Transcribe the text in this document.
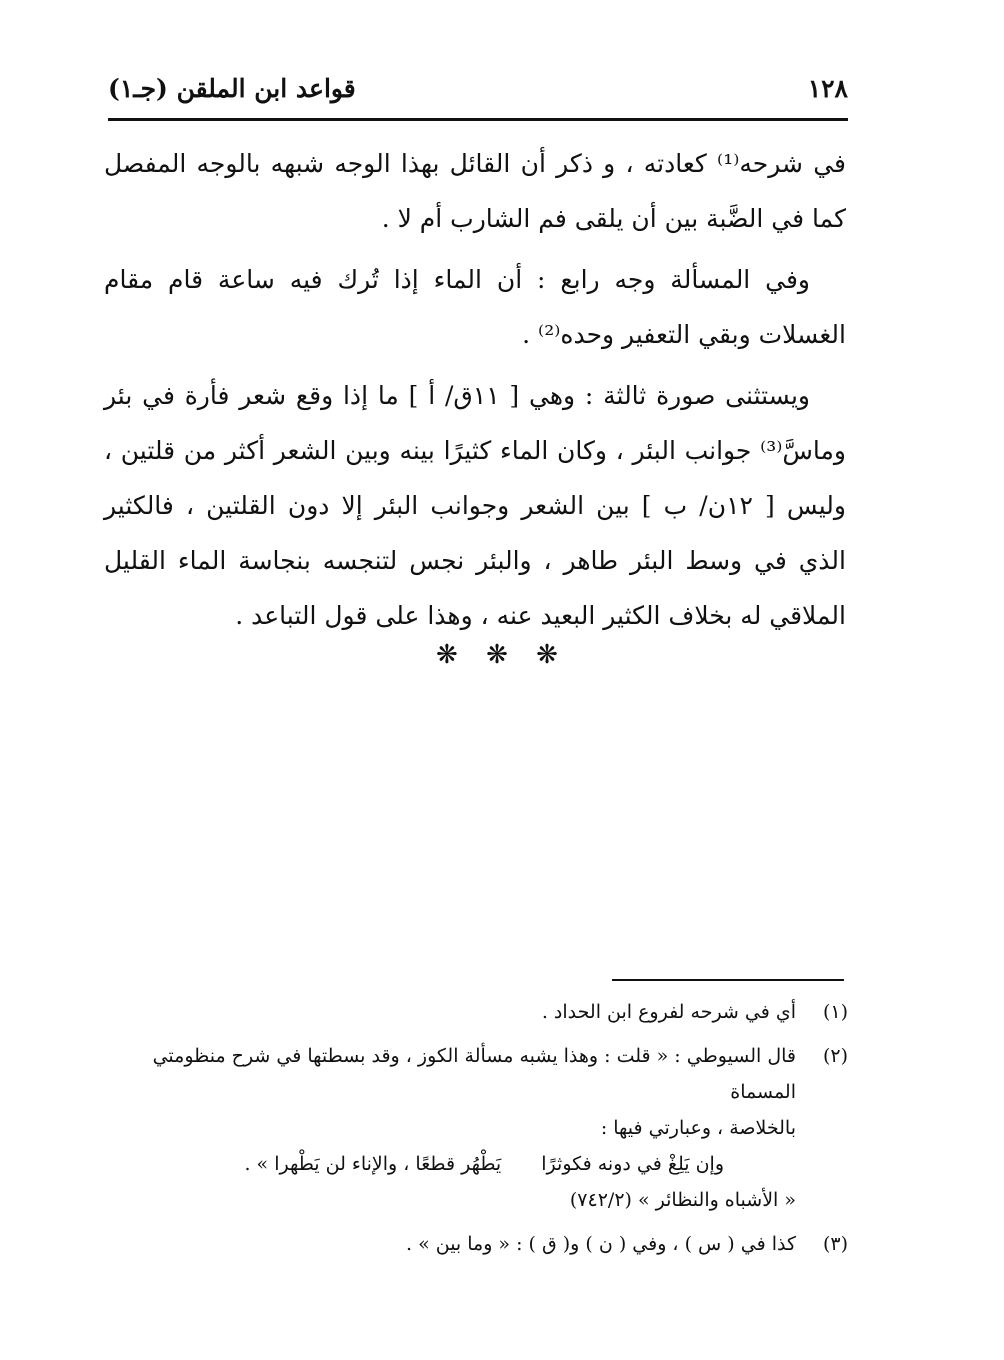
قواعد ابن الملقن (جـ١)	١٢٨

في شرحه⁽¹⁾ كعادته ، و ذكر أن القائل بهذا الوجه شبهه بالوجه المفصل كما في الضَّبة بين أن يلقى فم الشارب أم لا .

وفي المسألة وجه رابع : أن الماء إذا تُرك فيه ساعة قام مقام الغسلات وبقي التعفير وحده⁽²⁾ .

ويستثنى صورة ثالثة : وهي [ ١١ق/ أ ] ما إذا وقع شعر فأرة في بئر وماسَّ⁽³⁾ جوانب البئر ، وكان الماء كثيرًا بينه وبين الشعر أكثر من قلتين ، وليس [ ١٢ن/ ب ] بين الشعر وجوانب البئر إلا دون القلتين ، فالكثير الذي في وسط البئر طاهر ، والبئر نجس لتنجسه بنجاسة الماء القليل الملاقي له بخلاف الكثير البعيد عنه ، وهذا على قول التباعد .

❋ ❋ ❋
(١)
أي في شرحه لفروع ابن الحداد .
(٢)
قال السيوطي : « قلت : وهذا يشبه مسألة الكوز ، وقد بسطتها في شرح منظومتي المسماة
بالخلاصة ، وعبارتي فيها :
وإن يَلِغْ في دونه فكوثرًا يَطْهُر قطعًا ، والإناء لن يَطْهرا » .
« الأشباه والنظائر » (٧٤٢/٢)
(٣)
كذا في ( س ) ، وفي ( ن ) و( ق ) : « وما بين » .
